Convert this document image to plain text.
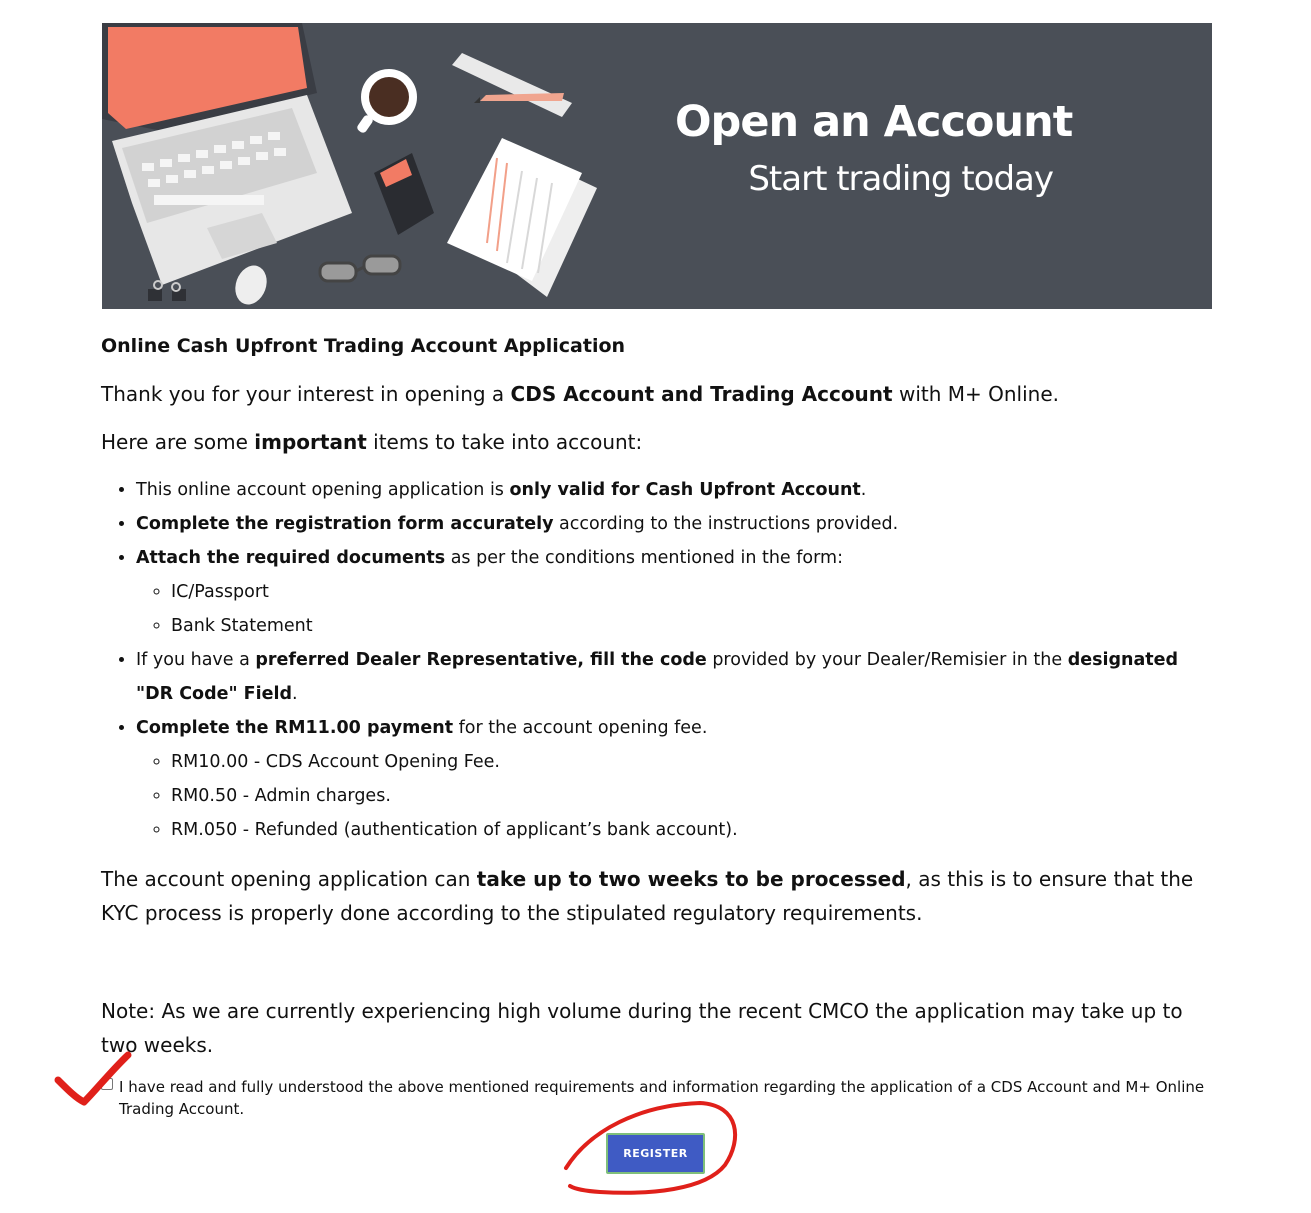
Open an Account
Start trading today
Online Cash Upfront Trading Account Application

Thank you for your interest in opening a CDS Account and Trading Account with M+ Online.

Here are some important items to take into account:

• This online account opening application is only valid for Cash Upfront Account.
• Complete the registration form accurately according to the instructions provided.
• Attach the required documents as per the conditions mentioned in the form:
◦ IC/Passport
◦ Bank Statement
• If you have a preferred Dealer Representative, fill the code provided by your Dealer/Remisier in the designated "DR Code" Field.
• Complete the RM11.00 payment for the account opening fee.
◦ RM10.00 - CDS Account Opening Fee.
◦ RM0.50 - Admin charges.
◦ RM.050 - Refunded (authentication of applicant’s bank account).

The account opening application can take up to two weeks to be processed, as this is to ensure that the KYC process is properly done according to the stipulated regulatory requirements.

Note: As we are currently experiencing high volume during the recent CMCO the application may take up to two weeks.

I have read and fully understood the above mentioned requirements and information regarding the application of a CDS Account and M+ Online Trading Account.
REGISTER
